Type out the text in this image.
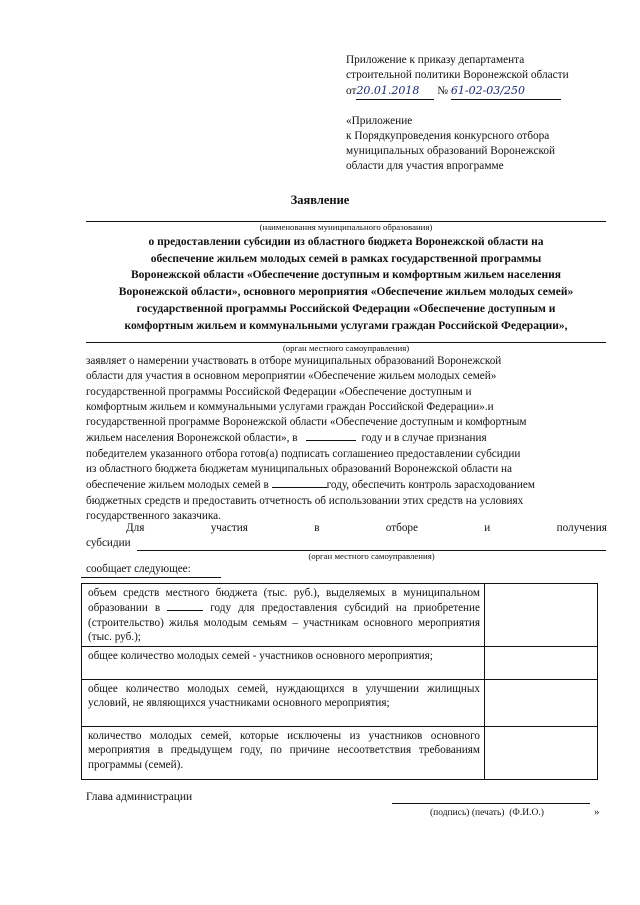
Приложение к приказу департамента
строительной политики Воронежской области
от20.01.2018 № 61-02-03/250
«Приложение
к Порядкупроведения конкурсного отбора
муниципальных образований Воронежской
области для участия впрограмме
Заявление
(наименования муниципального образования)
о предоставлении субсидии из областного бюджета Воронежской области на
обеспечение жильем молодых семей в рамках государственной программы
Воронежской области «Обеспечение доступным и комфортным жильем населения
Воронежской области», основного мероприятия «Обеспечение жильем молодых семей»
государственной программы Российской Федерации «Обеспечение доступным и
комфортным жильем и коммунальными услугами граждан Российской Федерации»,
(орган местного самоуправления)
заявляет о намерении участвовать в отборе муниципальных образований Воронежской
области для участия в основном мероприятии «Обеспечение жильем молодых семей»
государственной программы Российской Федерации «Обеспечение доступным и
комфортным жильем и коммунальными услугами граждан Российской Федерации».и
государственной программе Воронежской области «Обеспечение доступным и комфортным
жильем населения Воронежской области», в	году и в случае признания
победителем указанного отбора готов(а) подписать соглашениео предоставлении субсидии
из областного бюджета бюджетам муниципальных образований Воронежской области на
обеспечение жильем молодых семей в	году, обеспечить контроль зарасходованием
бюджетных средств и предоставить отчетность об использовании этих средств на условиях
государственного заказчика.
Для	участия	в	отборе	и	получения
субсидии
(орган местного самоуправления)
сообщает следующее:
объем средств местного бюджета (тыс. руб.), выделяемых в муниципальном образовании в году для предоставления субсидий на приобретение (строительство) жилья молодым семьям – участникам основного мероприятия (тыс. руб.);	
общее количество молодых семей - участников основного мероприятия;	
общее количество молодых семей, нуждающихся в улучшении жилищных условий, не являющихся участниками основного мероприятия;	
количество молодых семей, которые исключены из участников основного мероприятия в предыдущем году, по причине несоответствия требованиям программы (семей).	
Глава администрации
(подпись) (печать) (Ф.И.О.)	»
